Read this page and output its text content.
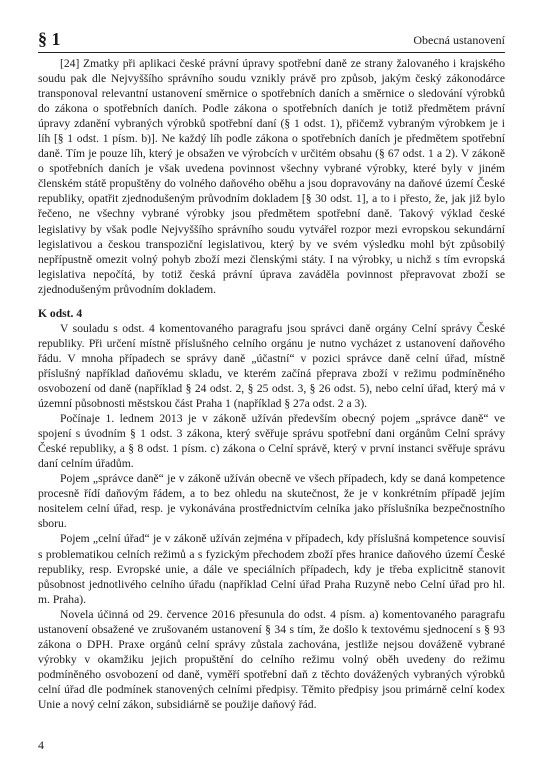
§ 1	Obecná ustanovení

[24] Zmatky při aplikaci české právní úpravy spotřební daně ze strany žalovaného i krajského soudu pak dle Nejvyššího správního soudu vznikly právě pro způsob, jakým český zákonodárce transponoval relevantní ustanovení směrnice o spotřebních daních a směrnice o sledování výrobků do zákona o spotřebních daních. Podle zákona o spotřebních daních je totiž předmětem právní úpravy zdanění vybraných výrobků spotřební daní (§ 1 odst. 1), přičemž vybraným výrobkem je i líh [§ 1 odst. 1 písm. b)]. Ne každý líh podle zákona o spotřebních daních je předmětem spotřební daně. Tím je pouze líh, který je obsažen ve výrobcích v určitém obsahu (§ 67 odst. 1 a 2). V zákoně o spotřebních daních je však uvedena povinnost všechny vybrané výrobky, které byly v jiném členském státě propuštěny do volného daňového oběhu a jsou dopravovány na daňové území České republiky, opatřit zjednodušeným průvodním dokladem [§ 30 odst. 1], a to i přesto, že, jak již bylo řečeno, ne všechny vybrané výrobky jsou předmětem spotřební daně. Takový výklad české legislativy by však podle Nejvyššího správního soudu vytvářel rozpor mezi evropskou sekundární legislativou a českou transpoziční legislativou, který by ve svém výsledku mohl být způsobilý nepřípustně omezit volný pohyb zboží mezi členskými státy. I na výrobky, u nichž s tím evropská legislativa nepočítá, by totiž česká právní úprava zaváděla povinnost přepravovat zboží se zjednodušeným průvodním dokladem.

K odst. 4

V souladu s odst. 4 komentovaného paragrafu jsou správci daně orgány Celní správy České republiky. Při určení místně příslušného celního orgánu je nutno vycházet z ustanovení daňového řádu. V mnoha případech se správy daně „účastní“ v pozici správce daně celní úřad, místně příslušný například daňovému skladu, ve kterém začíná přeprava zboží v režimu podmíněného osvobození od daně (například § 24 odst. 2, § 25 odst. 3, § 26 odst. 5), nebo celní úřad, který má v územní působnosti městskou část Praha 1 (například § 27a odst. 2 a 3).

Počínaje 1. lednem 2013 je v zákoně užíván především obecný pojem „správce daně“ ve spojení s úvodním § 1 odst. 3 zákona, který svěřuje správu spotřební dani orgánům Celní správy České republiky, a § 8 odst. 1 písm. c) zákona o Celní správě, který v první instanci svěřuje správu daní celním úřadům.

Pojem „správce daně“ je v zákoně užíván obecně ve všech případech, kdy se daná kompetence procesně řídí daňovým řádem, a to bez ohledu na skutečnost, že je v konkrétním případě jejím nositelem celní úřad, resp. je vykonávána prostřednictvím celníka jako příslušníka bezpečnostního sboru.

Pojem „celní úřad“ je v zákoně užíván zejména v případech, kdy příslušná kompetence souvisí s problematikou celních režimů a s fyzickým přechodem zboží přes hranice daňového území České republiky, resp. Evropské unie, a dále ve speciálních případech, kdy je třeba explicitně stanovit působnost jednotlivého celního úřadu (například Celní úřad Praha Ruzyně nebo Celní úřad pro hl. m. Praha).

Novela účinná od 29. července 2016 přesunula do odst. 4 písm. a) komentovaného paragrafu ustanovení obsažené ve zrušovaném ustanovení § 34 s tím, že došlo k textovému sjednocení s § 93 zákona o DPH. Praxe orgánů celní správy zůstala zachována, jestliže nejsou dováženě vybrané výrobky v okamžiku jejich propuštění do celního režimu volný oběh uvedeny do režimu podmíněného osvobození od daně, vyměří spotřební daň z těchto dovážených vybraných výrobků celní úřad dle podmínek stanovených celními předpisy. Těmito předpisy jsou primárně celní kodex Unie a nový celní zákon, subsidiárně se použije daňový řád.

4
